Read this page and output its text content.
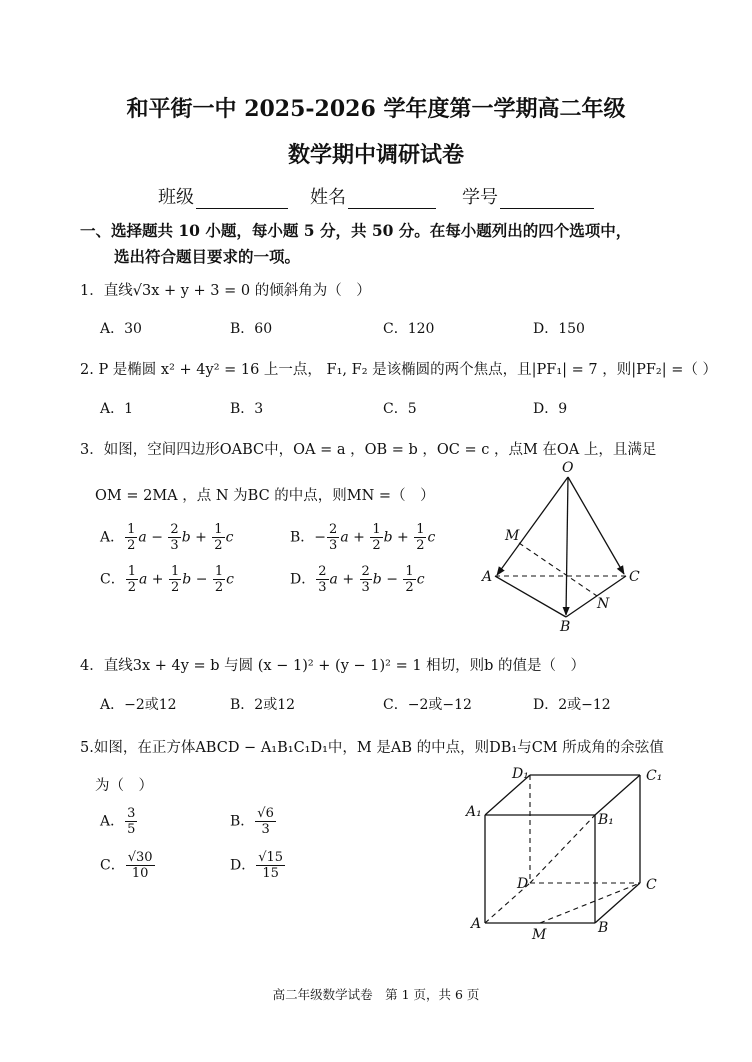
和平街一中 2025-2026 学年度第一学期高二年级
数学期中调研试卷
班级	姓名	学号
一、选择题共 10 小题，每小题 5 分，共 50 分。在每小题列出的四个选项中，
选出符合题目要求的一项。
1．直线√3x + y + 3 = 0 的倾斜角为（　）
A．30	B．60	C．120	D．150
2. P 是椭圆 x² + 4y² = 16 上一点， F₁, F₂ 是该椭圆的两个焦点，且|PF₁| = 7 ，则|PF₂| =（ ）
A．1	B．3	C．5	D．9
3．如图，空间四边形OABC中，OA = a ，OB = b ，OC = c ，点M 在OA 上，且满足
OM = 2MA ，点 N 为BC 的中点，则MN =（　）
A． $\frac{1}{2}$ $a - \frac{2}{3}$ $b + \frac{1}{2}$ c	B．− $\frac{2}{3}$ $a + \frac{1}{2}$ $b + \frac{1}{2}$ c
C． $\frac{1}{2}$ $a + \frac{1}{2}$ $b - \frac{1}{2}$ c	D． $\frac{2}{3}$ $a + \frac{2}{3}$ $b - \frac{1}{2}$ c
O
M
A	C
N
B
4．直线3x + 4y = b 与圆 (x − 1)² + (y − 1)² = 1 相切，则b 的值是（　）
A．−2或12	B．2或12	C．−2或−12	D．2或−12
5.如图，在正方体ABCD − A₁B₁C₁D₁中，M 是AB 的中点，则DB₁与CM 所成角的余弦值
为（　）
A． $\frac{3}{5}$	B． $\frac{√6}{3}$
C． $\frac{√30}{10}$	D． $\frac{√15}{15}$
D₁	C₁
A₁	B₁
D	C
A
M	B
高二年级数学试卷　第 1 页，共 6 页
